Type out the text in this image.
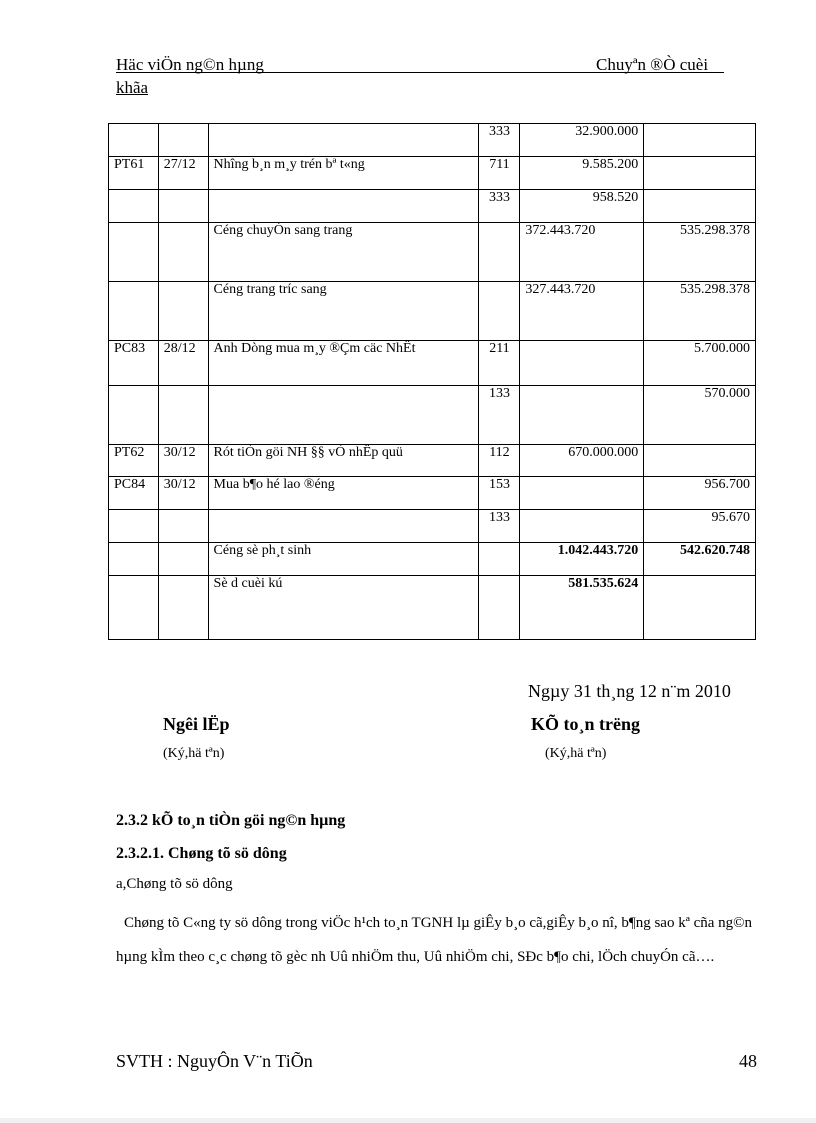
Häc viÖn ng©n hµng	Chuyªn ®Ò cuèi
khãa
			333	32.900.000	
PT61	27/12	Nhîng b¸n m¸y trén bª t«ng	711	9.585.200	
			333	958.520	
		Céng chuyÓn sang trang		372.443.720	535.298.378
		Céng trang tríc sang		327.443.720	535.298.378
PC83	28/12	Anh Dòng mua m¸y ®Çm cäc NhËt	211		5.700.000
			133		570.000
PT62	30/12	Rót tiÒn göi NH §§ vÒ nhËp quü	112	670.000.000	
PC84	30/12	Mua b¶o hé lao ®éng	153		956.700
			133		95.670
		Céng sè ph¸t sinh		1.042.443.720	542.620.748
		Sè d cuèi kú		581.535.624	
Ngµy 31 th¸ng 12 n¨m 2010
Ngêi lËp	KÕ to¸n trëng
(Ký,hä tªn)	(Ký,hä tªn)
2.3.2 kÕ to¸n tiÒn göi ng©n hµng
2.3.2.1. Chøng tõ sö dông
a,Chøng tõ sö dông

Chøng tõ C«ng ty sö dông trong viÖc h¹ch to¸n TGNH lµ giÊy b¸o cã,giÊy b¸o nî, b¶ng sao kª cña ng©n hµng kÌm theo c¸c chøng tõ gèc nh Uû nhiÖm thu, Uû nhiÖm chi, SÐc b¶o chi, lÖch chuyÓn cã….

SVTH : NguyÔn V¨n TiÕn	48
